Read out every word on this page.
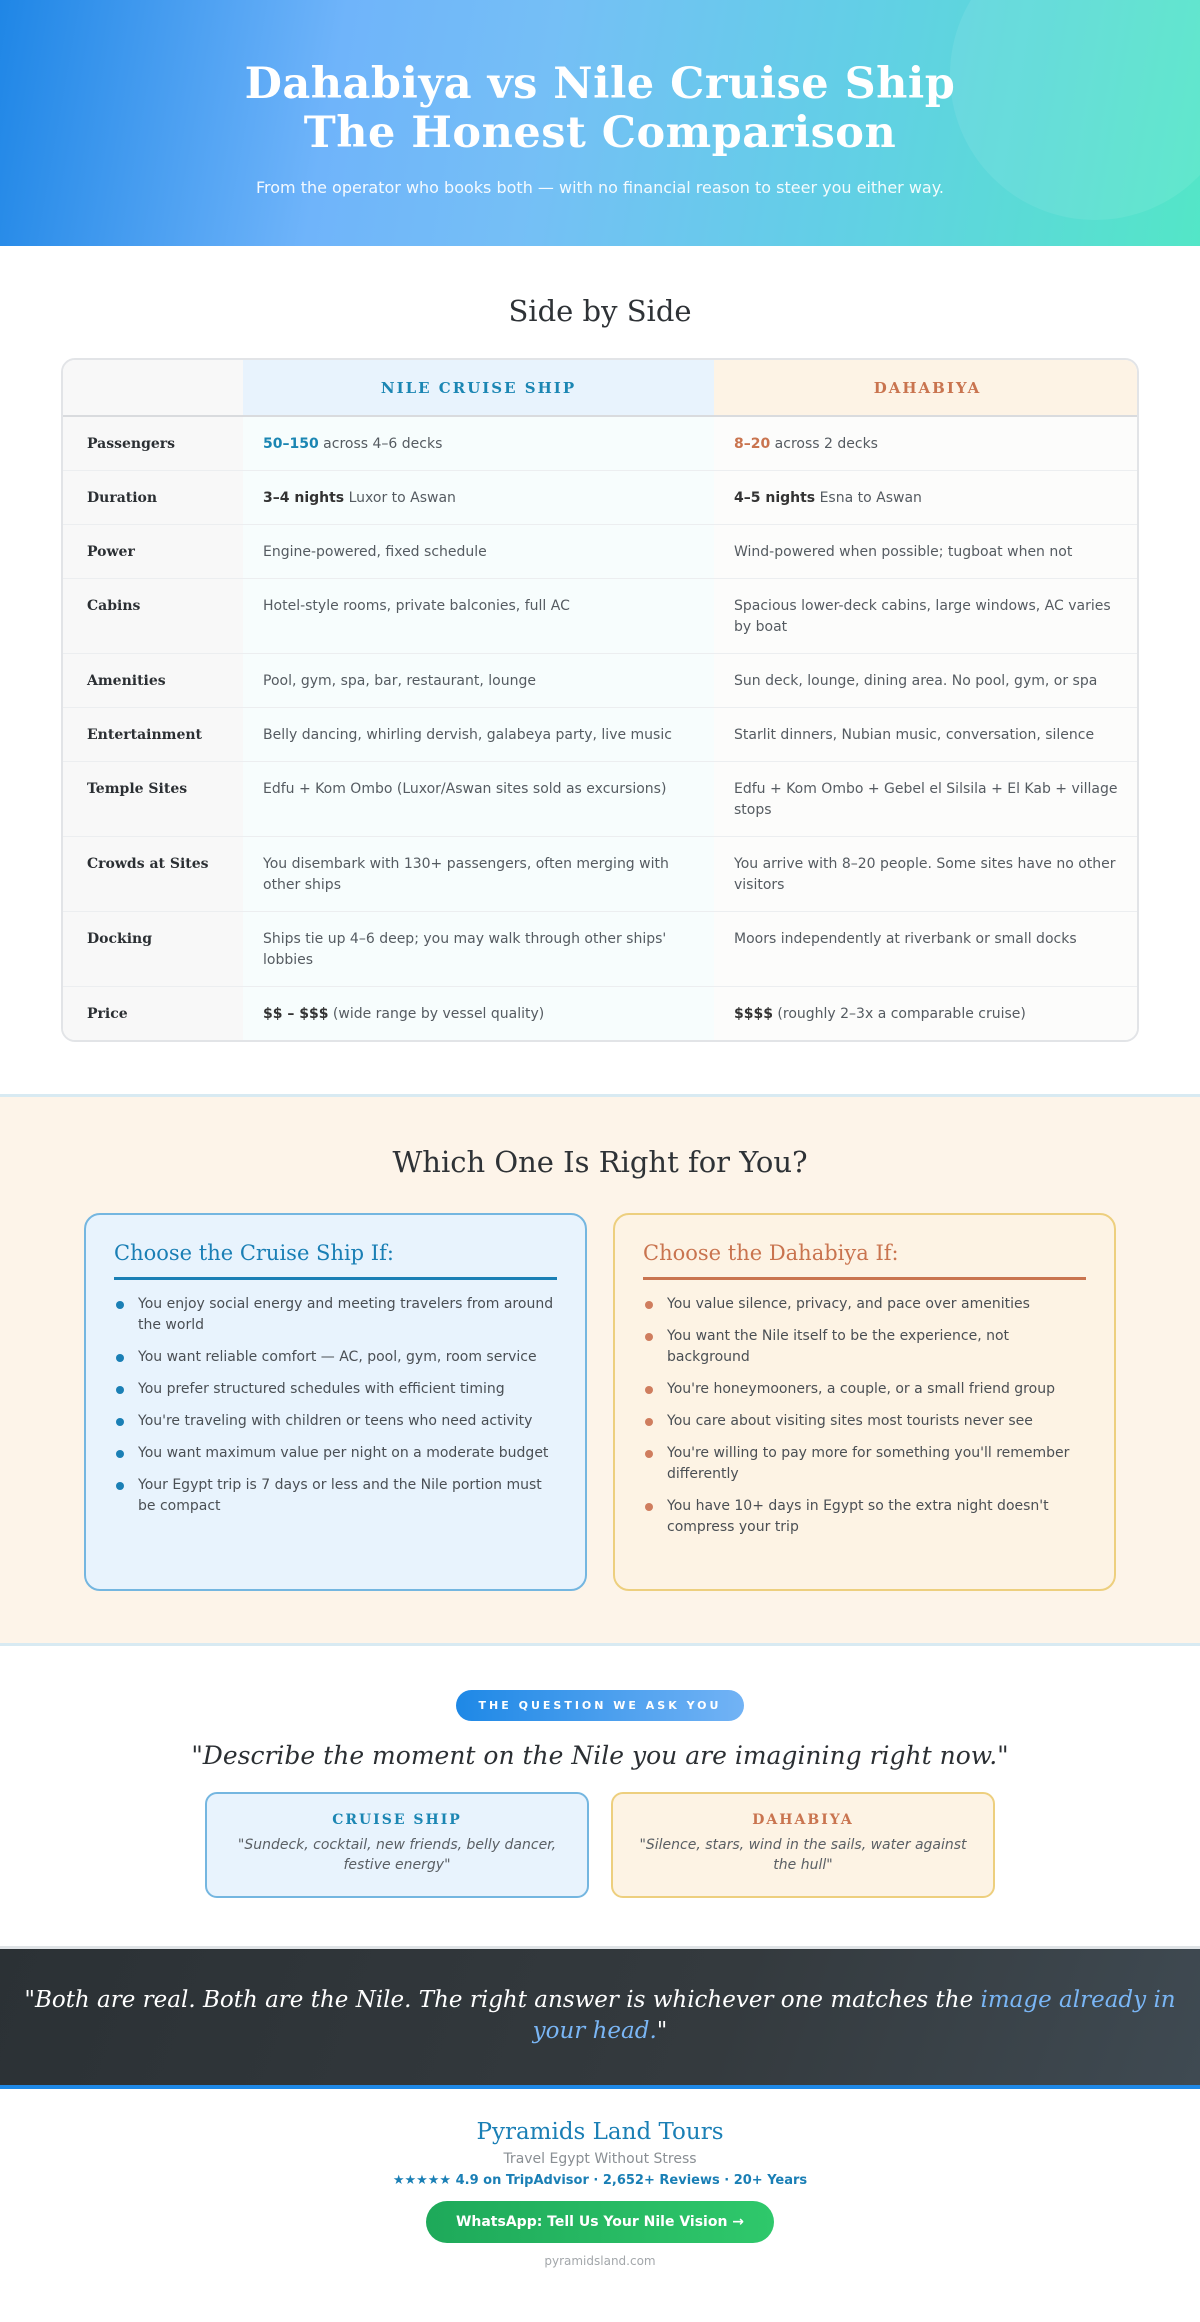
Dahabiya vs Nile Cruise Ship
The Honest Comparison

From the operator who books both — with no financial reason to steer you either way.

Side by Side
	NILE CRUISE SHIP	DAHABIYA
Passengers	50–150 across 4–6 decks	8–20 across 2 decks
Duration	3–4 nights Luxor to Aswan	4–5 nights Esna to Aswan
Power	Engine-powered, fixed schedule	Wind-powered when possible; tugboat when not
Cabins	Hotel-style rooms, private balconies, full AC	Spacious lower-deck cabins, large windows, AC varies by boat
Amenities	Pool, gym, spa, bar, restaurant, lounge	Sun deck, lounge, dining area. No pool, gym, or spa
Entertainment	Belly dancing, whirling dervish, galabeya party, live music	Starlit dinners, Nubian music, conversation, silence
Temple Sites	Edfu + Kom Ombo (Luxor/Aswan sites sold as excursions)	Edfu + Kom Ombo + Gebel el Silsila + El Kab + village stops
Crowds at Sites	You disembark with 130+ passengers, often merging with other ships	You arrive with 8–20 people. Some sites have no other visitors
Docking	Ships tie up 4–6 deep; you may walk through other ships' lobbies	Moors independently at riverbank or small docks
Price	$$ – $$$ (wide range by vessel quality)	$$$$ (roughly 2–3x a comparable cruise)
Which One Is Right for You?
Choose the Cruise Ship If:
You enjoy social energy and meeting travelers from around the world
You want reliable comfort — AC, pool, gym, room service
You prefer structured schedules with efficient timing
You're traveling with children or teens who need activity
You want maximum value per night on a moderate budget
Your Egypt trip is 7 days or less and the Nile portion must be compact
Choose the Dahabiya If:
You value silence, privacy, and pace over amenities
You want the Nile itself to be the experience, not background
You're honeymooners, a couple, or a small friend group
You care about visiting sites most tourists never see
You're willing to pay more for something you'll remember differently
You have 10+ days in Egypt so the extra night doesn't compress your trip
THE QUESTION WE ASK YOU

"Describe the moment on the Nile you are imagining right now."

CRUISE SHIP

"Sundeck, cocktail, new friends, belly dancer, festive energy"

DAHABIYA

"Silence, stars, wind in the sails, water against the hull"

"Both are real. Both are the Nile. The right answer is whichever one matches the image already in your head."

Pyramids Land Tours
Travel Egypt Without Stress
★★★★★ 4.9 on TripAdvisor · 2,652+ Reviews · 20+ Years
WhatsApp: Tell Us Your Nile Vision →
pyramidsland.com
